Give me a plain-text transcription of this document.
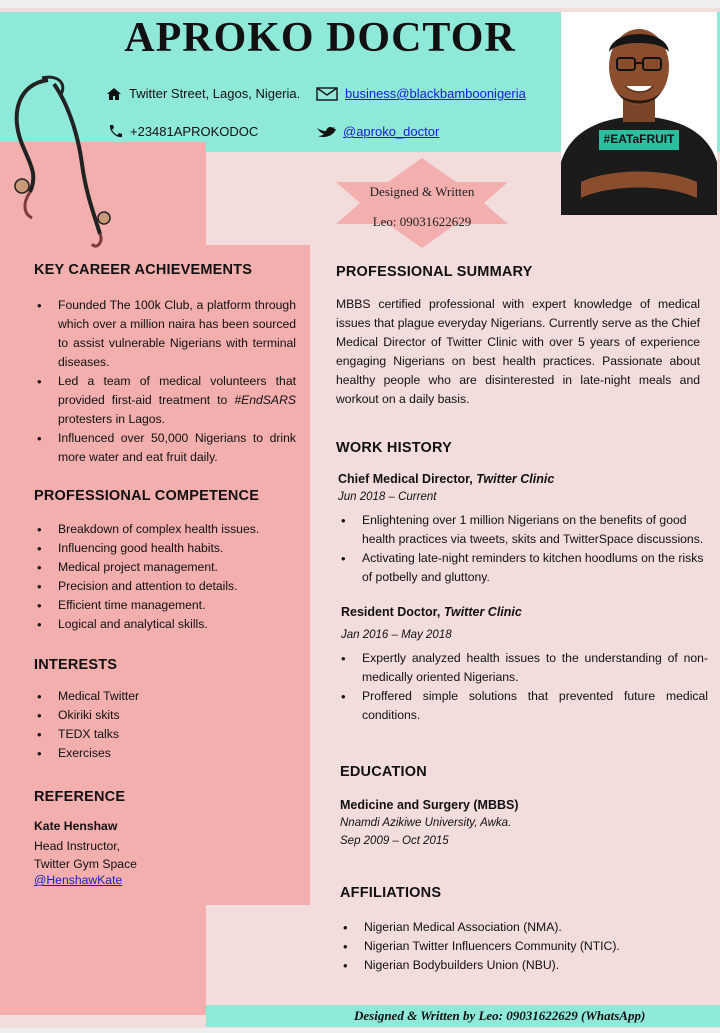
APROKO DOCTOR
Twitter Street, Lagos, Nigeria.	business@blackbamboonigeria
+23481APROKODOC	@aproko_doctor	#EATaFRUIT
Designed & Written
Leo: 09031622629
KEY CAREER ACHIEVEMENTS
• Founded The 100k Club, a platform through which over a million naira has been sourced to assist vulnerable Nigerians with terminal diseases.
• Led a team of medical volunteers that provided first-aid treatment to #EndSARS protesters in Lagos.
• Influenced over 50,000 Nigerians to drink more water and eat fruit daily.
PROFESSIONAL COMPETENCE
• Breakdown of complex health issues.
• Influencing good health habits.
• Medical project management.
• Precision and attention to details.
• Efficient time management.
• Logical and analytical skills.
INTERESTS
• Medical Twitter
• Okiriki skits
• TEDX talks
• Exercises
REFERENCE
Kate Henshaw
Head Instructor,
Twitter Gym Space
@HenshawKate
PROFESSIONAL SUMMARY

MBBS certified professional with expert knowledge of medical issues that plague everyday Nigerians. Currently serve as the Chief Medical Director of Twitter Clinic with over 5 years of experience engaging Nigerians on best health practices. Passionate about healthy people who are disinterested in late-night meals and workout on a daily basis.

WORK HISTORY
Chief Medical Director, Twitter Clinic
Jun 2018 – Current
• Enlightening over 1 million Nigerians on the benefits of good health practices via tweets, skits and TwitterSpace discussions.
• Activating late-night reminders to kitchen hoodlums on the risks of potbelly and gluttony.
Resident Doctor, Twitter Clinic
Jan 2016 – May 2018
• Expertly analyzed health issues to the understanding of non-medically oriented Nigerians.
• Proffered simple solutions that prevented future medical conditions.
EDUCATION
Medicine and Surgery (MBBS)
Nnamdi Azikiwe University, Awka.
Sep 2009 – Oct 2015
AFFILIATIONS
• Nigerian Medical Association (NMA).
• Nigerian Twitter Influencers Community (NTIC).
• Nigerian Bodybuilders Union (NBU).
Designed & Written by Leo: 09031622629 (WhatsApp)
